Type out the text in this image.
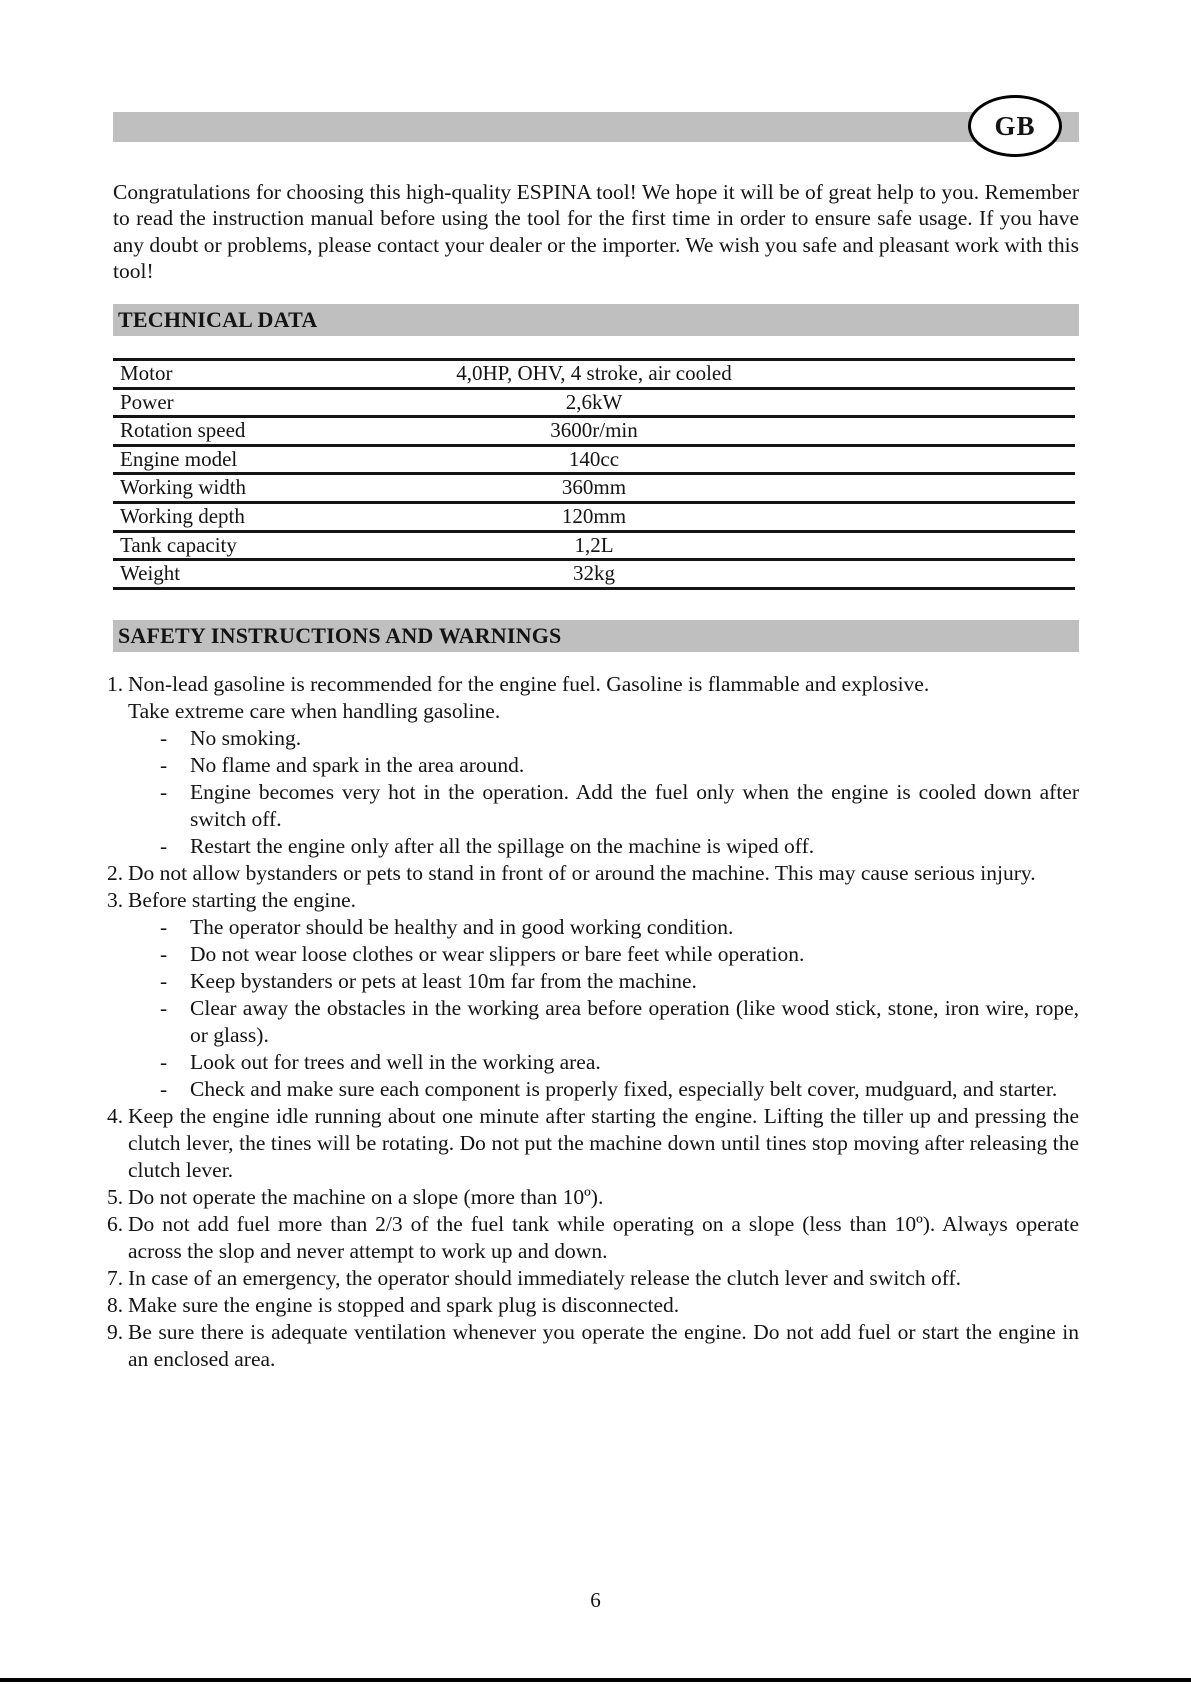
GB

Congratulations for choosing this high-quality ESPINA tool! We hope it will be of great help to you. Remember to read the instruction manual before using the tool for the first time in order to ensure safe usage. If you have any doubt or problems, please contact your dealer or the importer. We wish you safe and pleasant work with this tool!

TECHNICAL DATA
Motor	4,0HP, OHV, 4 stroke, air cooled
Power	2,6kW
Rotation speed	3600r/min
Engine model	140cc
Working width	360mm
Working depth	120mm
Tank capacity	1,2L
Weight	32kg
SAFETY INSTRUCTIONS AND WARNINGS
1. Non-lead gasoline is recommended for the engine fuel. Gasoline is flammable and explosive.
Take extreme care when handling gasoline.
- No smoking.
- No flame and spark in the area around.
- Engine becomes very hot in the operation. Add the fuel only when the engine is cooled down after switch off.
- Restart the engine only after all the spillage on the machine is wiped off.
2. Do not allow bystanders or pets to stand in front of or around the machine. This may cause serious injury.
3. Before starting the engine.
- The operator should be healthy and in good working condition.
- Do not wear loose clothes or wear slippers or bare feet while operation.
- Keep bystanders or pets at least 10m far from the machine.
- Clear away the obstacles in the working area before operation (like wood stick, stone, iron wire, rope, or glass).
- Look out for trees and well in the working area.
- Check and make sure each component is properly fixed, especially belt cover, mudguard, and starter.
4. Keep the engine idle running about one minute after starting the engine. Lifting the tiller up and pressing the clutch lever, the tines will be rotating. Do not put the machine down until tines stop moving after releasing the clutch lever.
5. Do not operate the machine on a slope (more than 10º).
6. Do not add fuel more than 2/3 of the fuel tank while operating on a slope (less than 10º). Always operate across the slop and never attempt to work up and down.
7. In case of an emergency, the operator should immediately release the clutch lever and switch off.
8. Make sure the engine is stopped and spark plug is disconnected.
9. Be sure there is adequate ventilation whenever you operate the engine. Do not add fuel or start the engine in an enclosed area.
6
